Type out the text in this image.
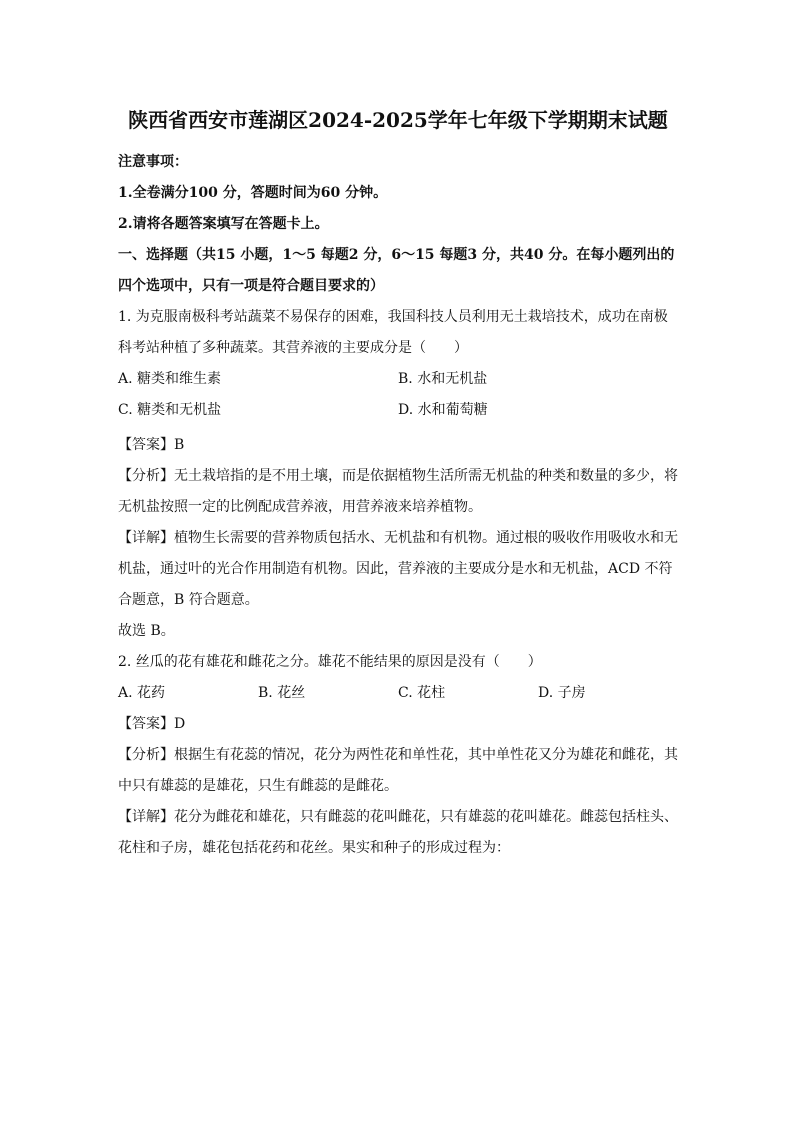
陕西省西安市莲湖区2024-2025学年七年级下学期期末试题

注意事项：

1.全卷满分100 分，答题时间为60 分钟。

2.请将各题答案填写在答题卡上。

一、选择题（共15 小题，1～5 每题2 分，6～15 每题3 分，共40 分。在每小题列出的四个选项中，只有一项是符合题目要求的）

1. 为克服南极科考站蔬菜不易保存的困难，我国科技人员利用无土栽培技术，成功在南极科考站种植了多种蔬菜。其营养液的主要成分是（　　）

A. 糖类和维生素	B. 水和无机盐
C. 糖类和无机盐	D. 水和葡萄糖

【答案】B

【分析】无土栽培指的是不用土壤，而是依据植物生活所需无机盐的种类和数量的多少，将无机盐按照一定的比例配成营养液，用营养液来培养植物。

【详解】植物生长需要的营养物质包括水、无机盐和有机物。通过根的吸收作用吸收水和无机盐，通过叶的光合作用制造有机物。因此，营养液的主要成分是水和无机盐，ACD 不符合题意，B 符合题意。

故选 B。

2. 丝瓜的花有雄花和雌花之分。雄花不能结果的原因是没有（　　）

A. 花药	B. 花丝	C. 花柱	D. 子房

【答案】D

【分析】根据生有花蕊的情况，花分为两性花和单性花，其中单性花又分为雄花和雌花，其中只有雄蕊的是雄花，只生有雌蕊的是雌花。

【详解】花分为雌花和雄花，只有雌蕊的花叫雌花，只有雄蕊的花叫雄花。雌蕊包括柱头、花柱和子房，雄花包括花药和花丝。果实和种子的形成过程为：
